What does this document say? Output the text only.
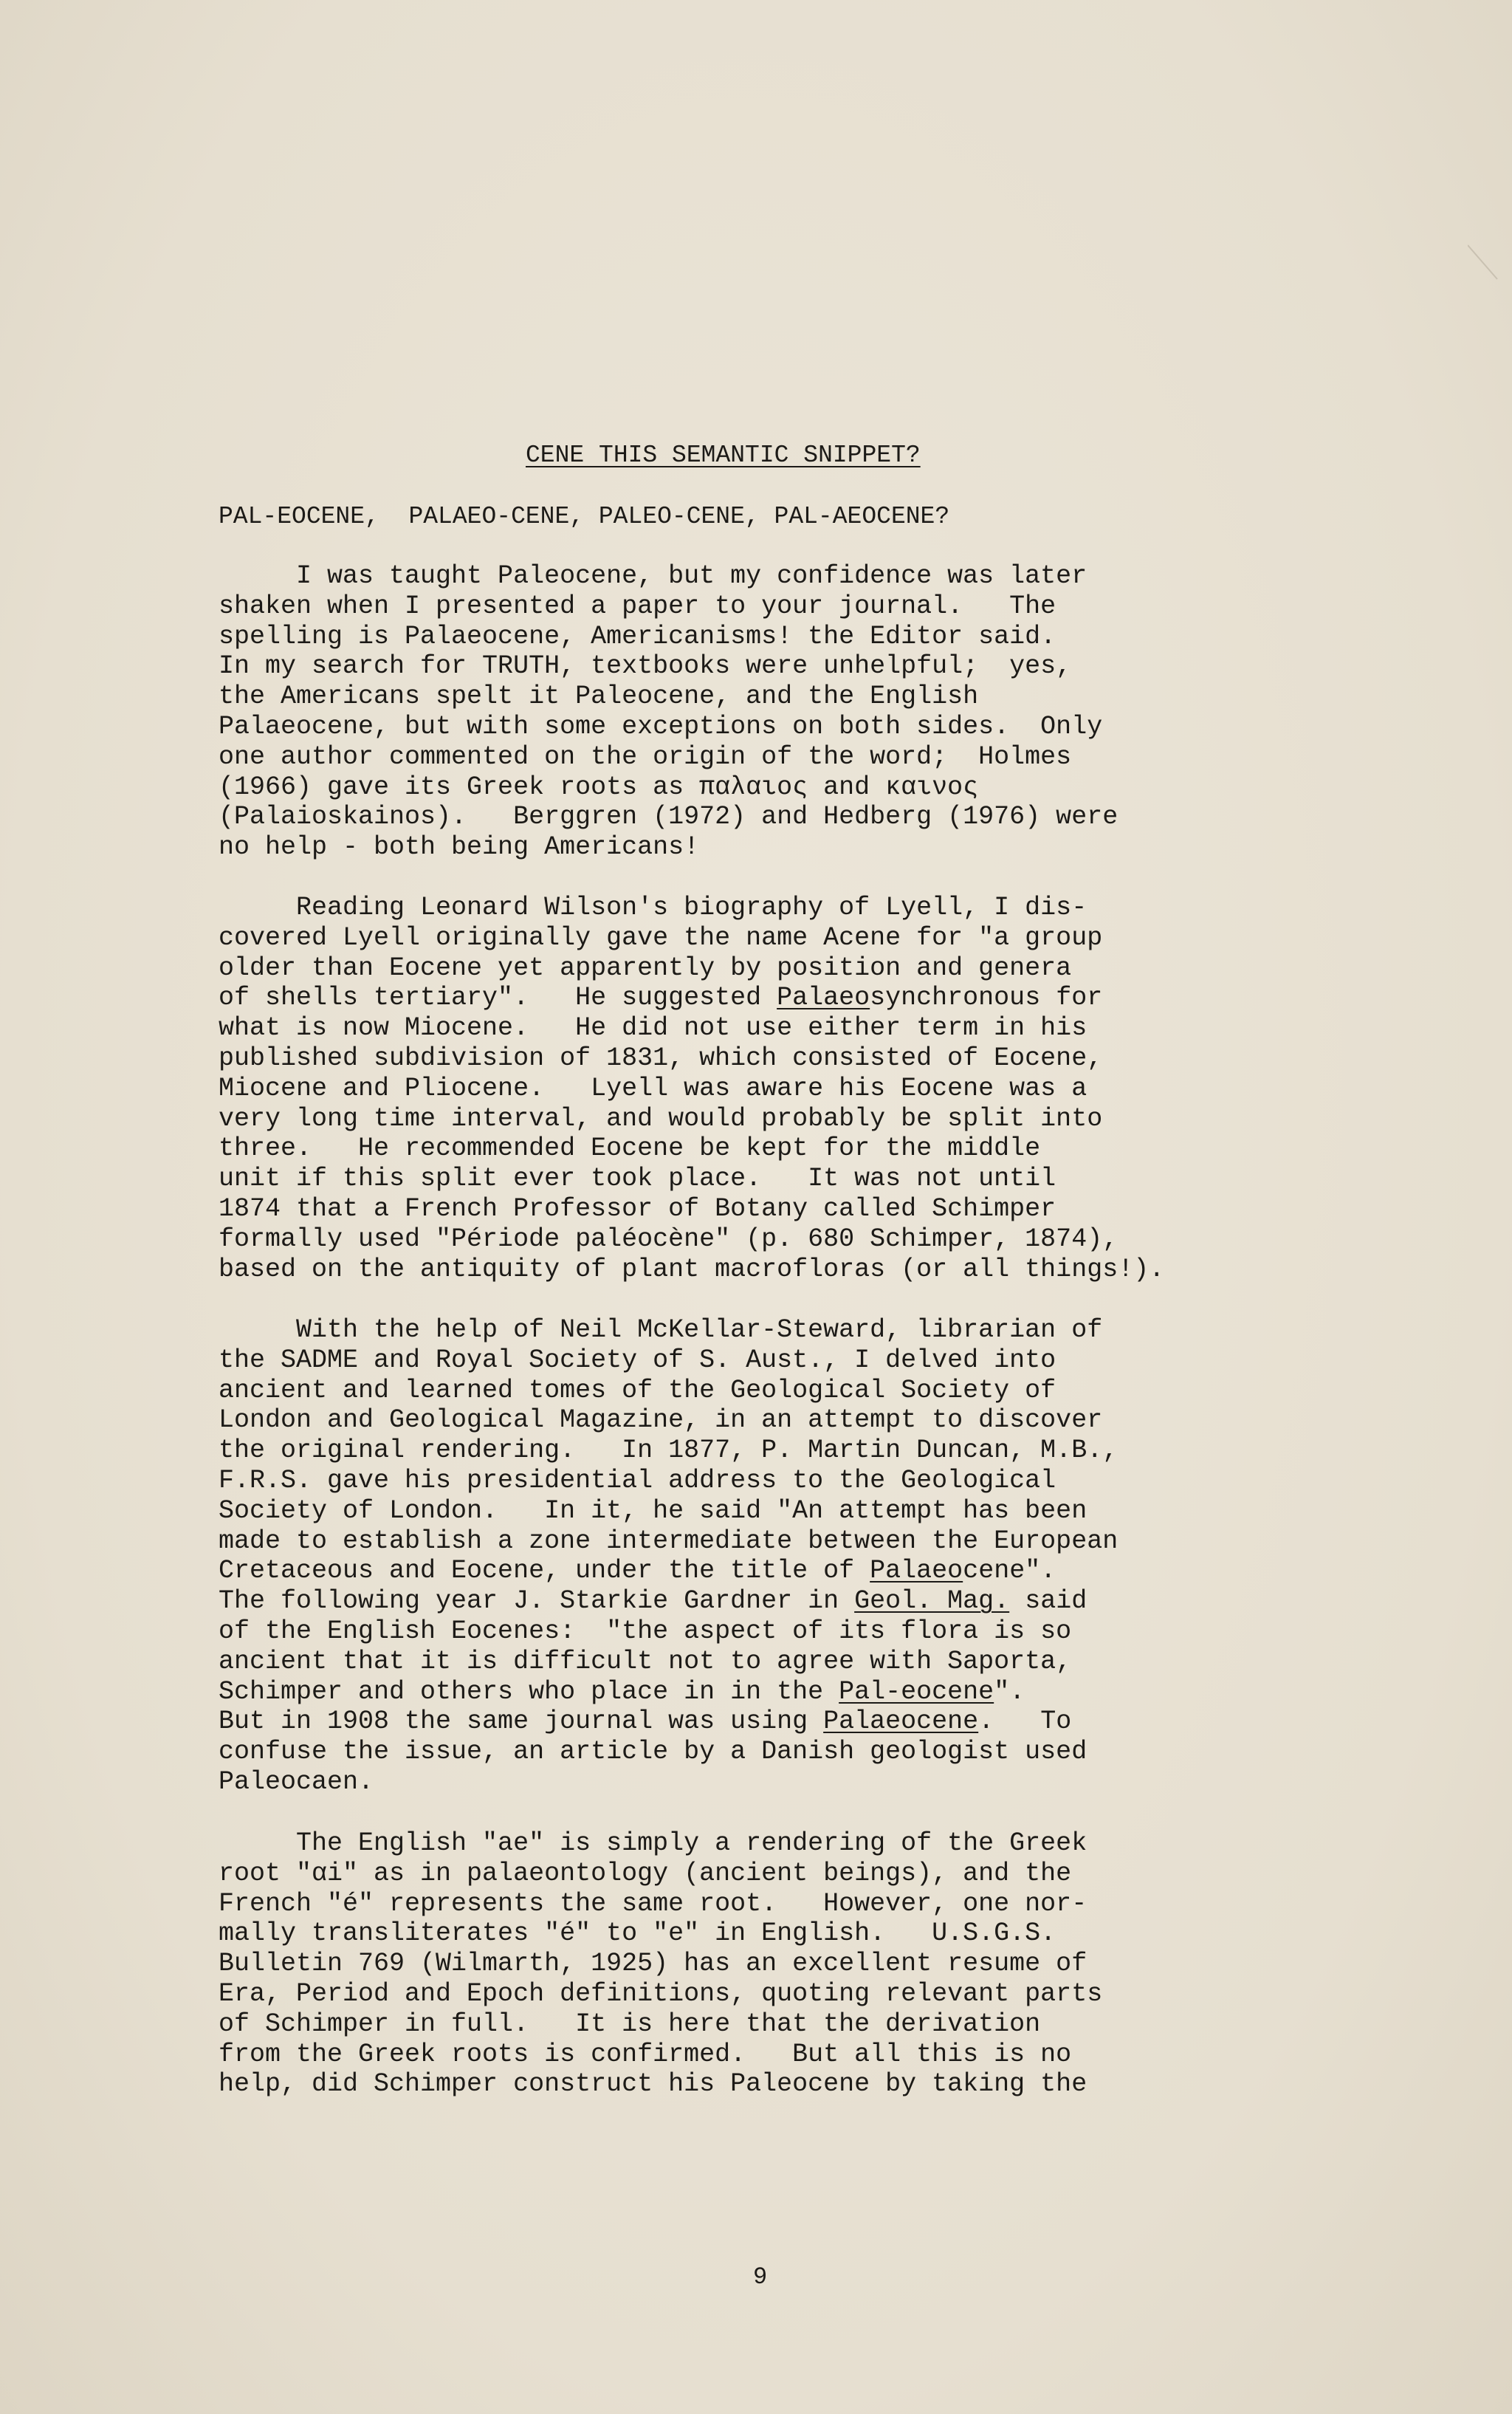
CENE THIS SEMANTIC SNIPPET?
PAL-EOCENE,  PALAEO-CENE, PALEO-CENE, PAL-AEOCENE?
I was taught Paleocene, but my confidence was later
shaken when I presented a paper to your journal.   The
spelling is Palaeocene, Americanisms! the Editor said.
In my search for TRUTH, textbooks were unhelpful;  yes,
the Americans spelt it Paleocene, and the English
Palaeocene, but with some exceptions on both sides.  Only
one author commented on the origin of the word;  Holmes
(1966) gave its Greek roots as παλαιος and καινος
(Palaioskainos).   Berggren (1972) and Hedberg (1976) were
no help - both being Americans!
Reading Leonard Wilson's biography of Lyell, I dis-
covered Lyell originally gave the name Acene for "a group
older than Eocene yet apparently by position and genera
of shells tertiary".   He suggested Palaeosynchronous for
what is now Miocene.   He did not use either term in his
published subdivision of 1831, which consisted of Eocene,
Miocene and Pliocene.   Lyell was aware his Eocene was a
very long time interval, and would probably be split into
three.   He recommended Eocene be kept for the middle
unit if this split ever took place.   It was not until
1874 that a French Professor of Botany called Schimper
formally used "Période paléocène" (p. 680 Schimper, 1874),
based on the antiquity of plant macrofloras (or all things!).
With the help of Neil McKellar-Steward, librarian of
the SADME and Royal Society of S. Aust., I delved into
ancient and learned tomes of the Geological Society of
London and Geological Magazine, in an attempt to discover
the original rendering.   In 1877, P. Martin Duncan, M.B.,
F.R.S. gave his presidential address to the Geological
Society of London.   In it, he said "An attempt has been
made to establish a zone intermediate between the European
Cretaceous and Eocene, under the title of Palaeocene".
The following year J. Starkie Gardner in Geol. Mag. said
of the English Eocenes:  "the aspect of its flora is so
ancient that it is difficult not to agree with Saporta,
Schimper and others who place in in the Pal-eocene".
But in 1908 the same journal was using Palaeocene.   To
confuse the issue, an article by a Danish geologist used
Paleocaen.
The English "ae" is simply a rendering of the Greek
root "αi" as in palaeontology (ancient beings), and the
French "é" represents the same root.   However, one nor-
mally transliterates "é" to "e" in English.   U.S.G.S.
Bulletin 769 (Wilmarth, 1925) has an excellent resume of
Era, Period and Epoch definitions, quoting relevant parts
of Schimper in full.   It is here that the derivation
from the Greek roots is confirmed.   But all this is no
help, did Schimper construct his Paleocene by taking the
9
